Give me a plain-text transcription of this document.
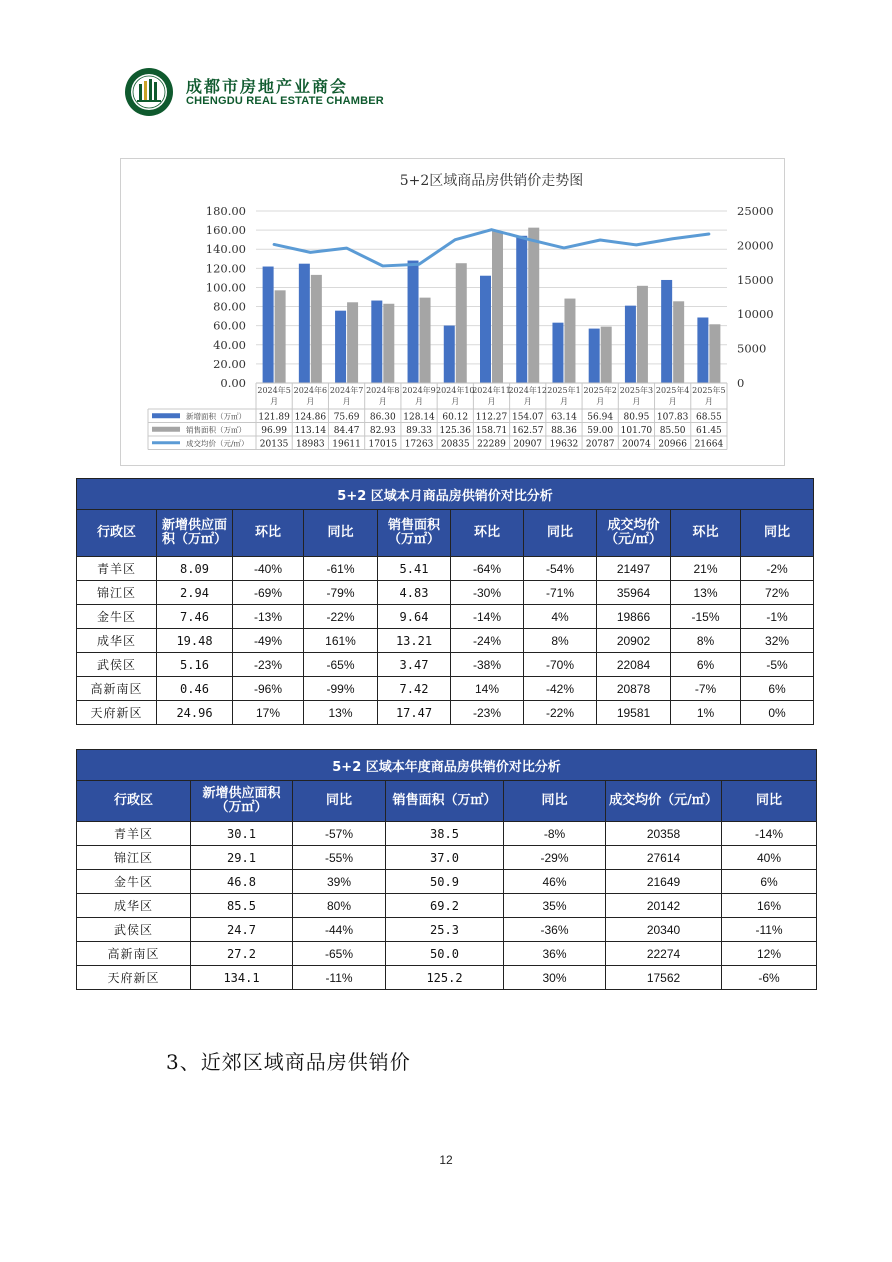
成都市房地产业商会
CHENGDU REAL ESTATE CHAMBER
5+2区域商品房供销价走势图
0.00
20.00
40.00
60.00
80.00
100.00
120.00
140.00
160.00
180.00
0
5000
10000
15000
20000
25000
2024年5
月
2024年6
月
2024年7
月
2024年8
月
2024年9
月
2024年10
月
2024年11
月
2024年12
月
2025年1
月
2025年2
月
2025年3
月
2025年4
月
2025年5
月
新增面积（万㎡） 121.89 124.86 75.69 86.30 128.14 60.12 112.27 154.07 63.14 56.94 80.95 107.83 68.55
销售面积（万㎡） 96.99 113.14 84.47 82.93 89.33 125.36 158.71 162.57 88.36 59.00 101.70 85.50 61.45
成交均价（元/㎡） 20135 18983 19611 17015 17263 20835 22289 20907 19632 20787 20074 20966 21664
5+2 区域本月商品房供销价对比分析									
行政区	新增供应面积（万㎡）	环比	同比	销售面积（万㎡）	环比	同比	成交均价（元/㎡）	环比	同比
青羊区	8.09	-40%	-61%	5.41	-64%	-54%	21497	21%	-2%
锦江区	2.94	-69%	-79%	4.83	-30%	-71%	35964	13%	72%
金牛区	7.46	-13%	-22%	9.64	-14%	4%	19866	-15%	-1%
成华区	19.48	-49%	161%	13.21	-24%	8%	20902	8%	32%
武侯区	5.16	-23%	-65%	3.47	-38%	-70%	22084	6%	-5%
高新南区	0.46	-96%	-99%	7.42	14%	-42%	20878	-7%	6%
天府新区	24.96	17%	13%	17.47	-23%	-22%	19581	1%	0%
5+2 区域本年度商品房供销价对比分析						
行政区	新增供应面积（万㎡）	同比	销售面积（万㎡）	同比	成交均价（元/㎡）	同比
青羊区	30.1	-57%	38.5	-8%	20358	-14%
锦江区	29.1	-55%	37.0	-29%	27614	40%
金牛区	46.8	39%	50.9	46%	21649	6%
成华区	85.5	80%	69.2	35%	20142	16%
武侯区	24.7	-44%	25.3	-36%	20340	-11%
高新南区	27.2	-65%	50.0	36%	22274	12%
天府新区	134.1	-11%	125.2	30%	17562	-6%
3、近郊区域商品房供销价
12
